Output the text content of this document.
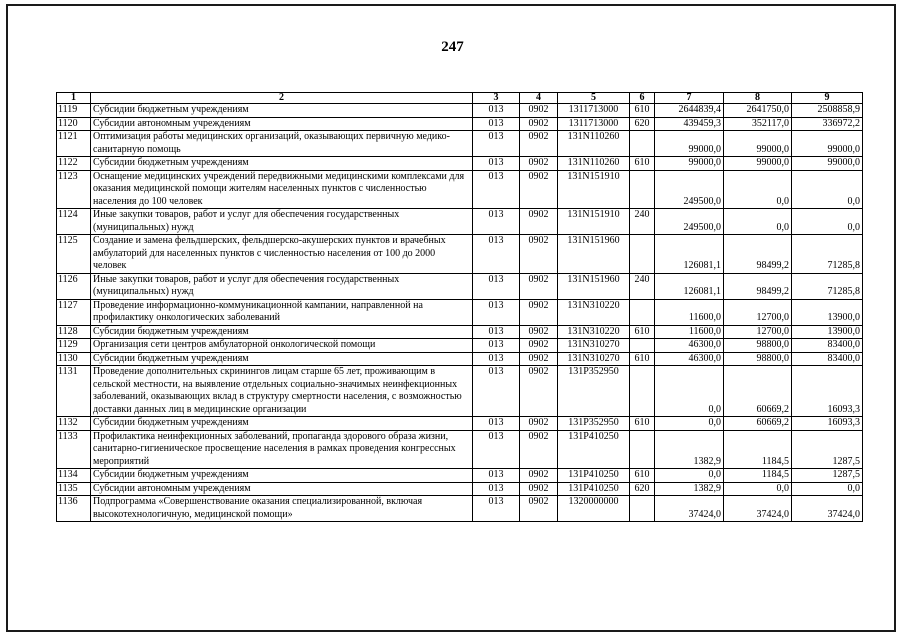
247
1	2	3	4	5	6	7	8	9
1119	Субсидии бюджетным учреждениям	013	0902	1311713000	610	2644839,4	2641750,0	2508858,9
1120	Субсидии автономным учреждениям	013	0902	1311713000	620	439459,3	352117,0	336972,2
1121	Оптимизация работы медицинских организаций, оказывающих первичную медико-санитарную помощь	013	0902	131N110260		99000,0	99000,0	99000,0
1122	Субсидии бюджетным учреждениям	013	0902	131N110260	610	99000,0	99000,0	99000,0
1123	Оснащение медицинских учреждений передвижными медицинскими комплексами для оказания медицинской помощи жителям населенных пунктов с численностью населения до 100 человек	013	0902	131N151910		249500,0	0,0	0,0
1124	Иные закупки товаров, работ и услуг для обеспечения государственных (муниципальных) нужд	013	0902	131N151910	240	249500,0	0,0	0,0
1125	Создание и замена фельдшерских, фельдшерско-акушерских пунктов и врачебных амбулаторий для населенных пунктов с численностью населения от 100 до 2000 человек	013	0902	131N151960		126081,1	98499,2	71285,8
1126	Иные закупки товаров, работ и услуг для обеспечения государственных (муниципальных) нужд	013	0902	131N151960	240	126081,1	98499,2	71285,8
1127	Проведение информационно-коммуникационной кампании, направленной на профилактику онкологических заболеваний	013	0902	131N310220		11600,0	12700,0	13900,0
1128	Субсидии бюджетным учреждениям	013	0902	131N310220	610	11600,0	12700,0	13900,0
1129	Организация сети центров амбулаторной онкологической помощи	013	0902	131N310270		46300,0	98800,0	83400,0
1130	Субсидии бюджетным учреждениям	013	0902	131N310270	610	46300,0	98800,0	83400,0
1131	Проведение дополнительных скринингов лицам старше 65 лет, проживающим в сельской местности, на выявление отдельных социально-значимых неинфекционных заболеваний, оказывающих вклад в структуру смертности населения, с возможностью доставки данных лиц в медицинские организации	013	0902	131P352950		0,0	60669,2	16093,3
1132	Субсидии бюджетным учреждениям	013	0902	131P352950	610	0,0	60669,2	16093,3
1133	Профилактика неинфекционных заболеваний, пропаганда здорового образа жизни, санитарно-гигиеническое просвещение населения в рамках проведения конгрессных мероприятий	013	0902	131P410250		1382,9	1184,5	1287,5
1134	Субсидии бюджетным учреждениям	013	0902	131P410250	610	0,0	1184,5	1287,5
1135	Субсидии автономным учреждениям	013	0902	131P410250	620	1382,9	0,0	0,0
1136	Подпрограмма «Совершенствование оказания специализированной, включая высокотехнологичную, медицинской помощи»	013	0902	1320000000		37424,0	37424,0	37424,0
